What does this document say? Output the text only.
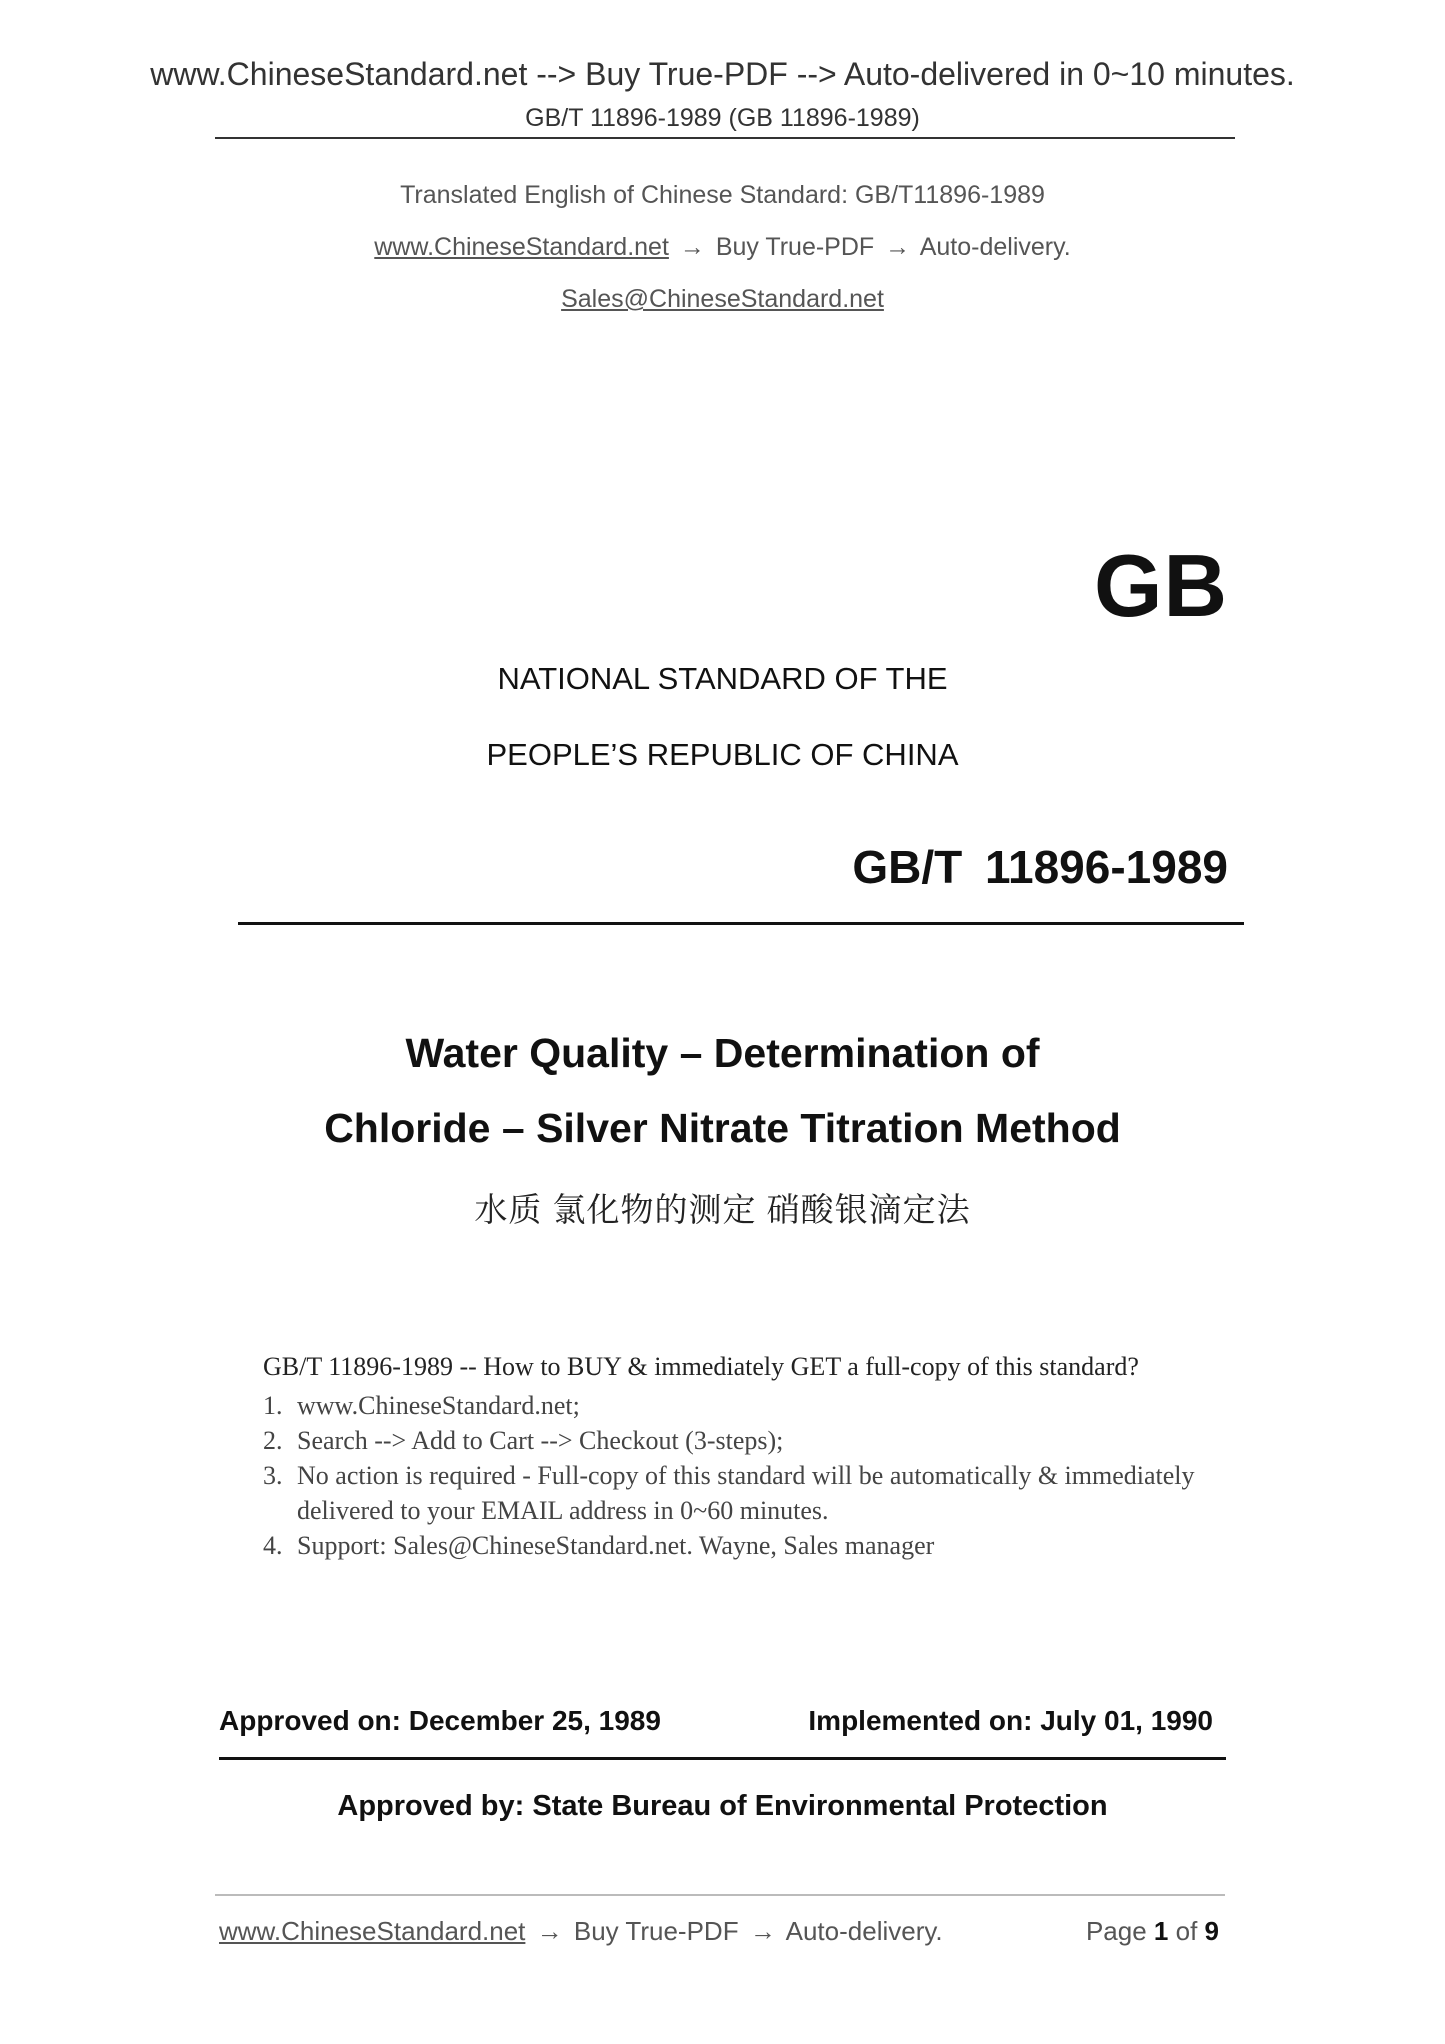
www.ChineseStandard.net --> Buy True-PDF --> Auto-delivered in 0~10 minutes.
GB/T 11896-1989 (GB 11896-1989)
Translated English of Chinese Standard: GB/T11896-1989
www.ChineseStandard.net → Buy True-PDF → Auto-delivery.
Sales@ChineseStandard.net
GB
NATIONAL STANDARD OF THE
PEOPLE’S REPUBLIC OF CHINA
GB/T 11896-1989
Water Quality – Determination of
Chloride – Silver Nitrate Titration Method
水质 氯化物的测定 硝酸银滴定法
GB/T 11896-1989 -- How to BUY & immediately GET a full-copy of this standard?
1. www.ChineseStandard.net;
2. Search --> Add to Cart --> Checkout (3-steps);
3. No action is required - Full-copy of this standard will be automatically & immediately delivered to your EMAIL address in 0~60 minutes.
4. Support: Sales@ChineseStandard.net. Wayne, Sales manager
Approved on: December 25, 1989	Implemented on: July 01, 1990
Approved by: State Bureau of Environmental Protection
www.ChineseStandard.net → Buy True-PDF → Auto-delivery.	Page 1 of 9
